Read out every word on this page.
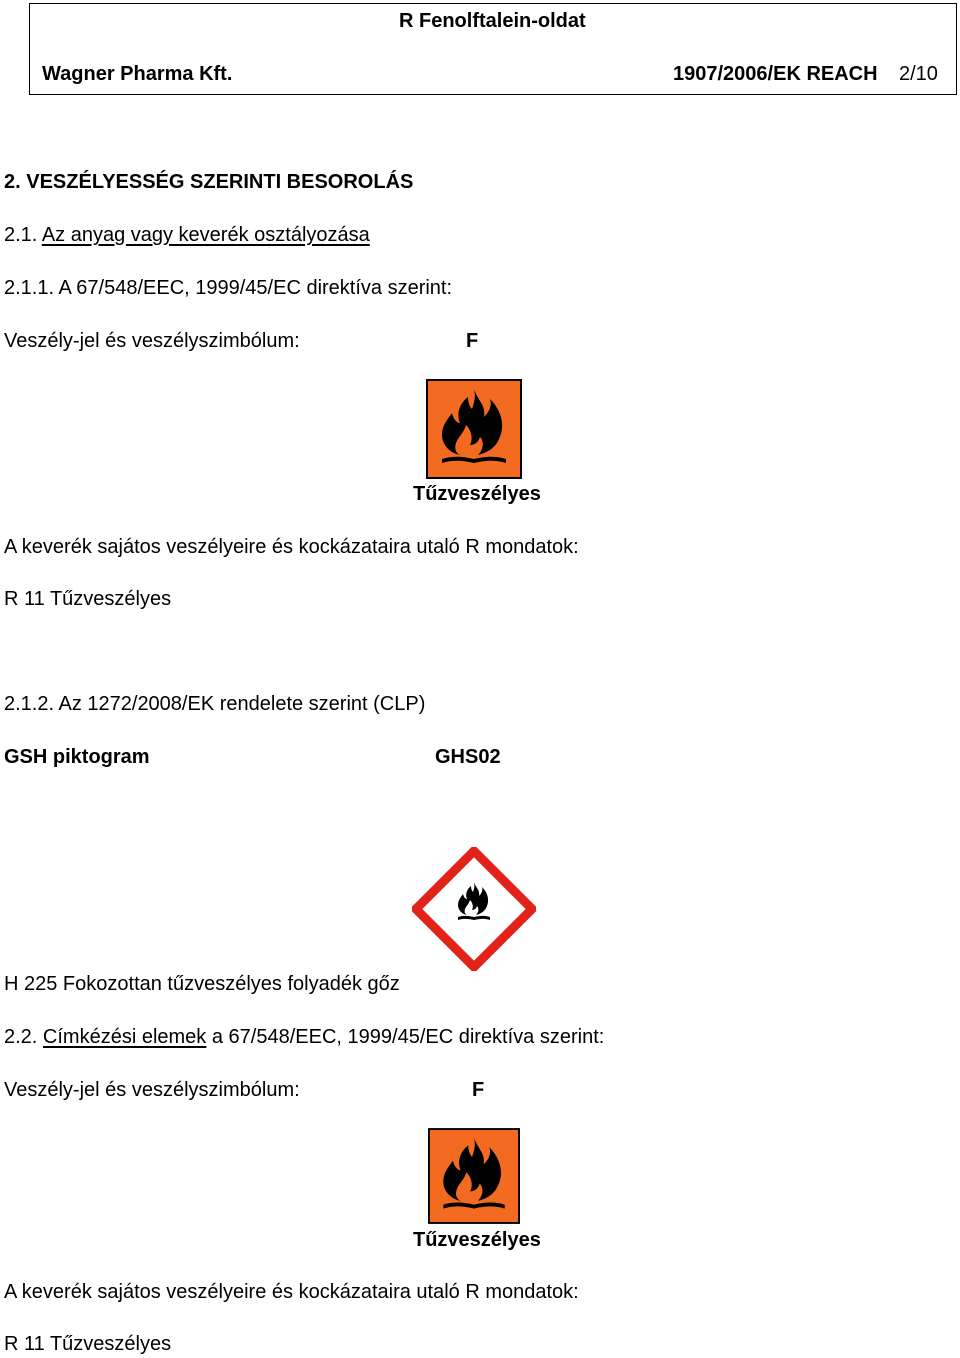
R Fenolftalein-oldat
Wagner Pharma Kft.	1907/2006/EK REACH 2/10
2. VESZÉLYESSÉG SZERINTI BESOROLÁS
2.1. Az anyag vagy keverék osztályozása
2.1.1. A 67/548/EEC, 1999/45/EC direktíva szerint:
Veszély-jel és veszélyszimbólum:	F
Tűzveszélyes
A keverék sajátos veszélyeire és kockázataira utaló R mondatok:
R 11 Tűzveszélyes
2.1.2. Az 1272/2008/EK rendelete szerint (CLP)
GSH piktogram	GHS02
H 225 Fokozottan tűzveszélyes folyadék gőz
2.2. Címkézési elemek a 67/548/EEC, 1999/45/EC direktíva szerint:
Veszély-jel és veszélyszimbólum:	F
Tűzveszélyes
A keverék sajátos veszélyeire és kockázataira utaló R mondatok:
R 11 Tűzveszélyes
